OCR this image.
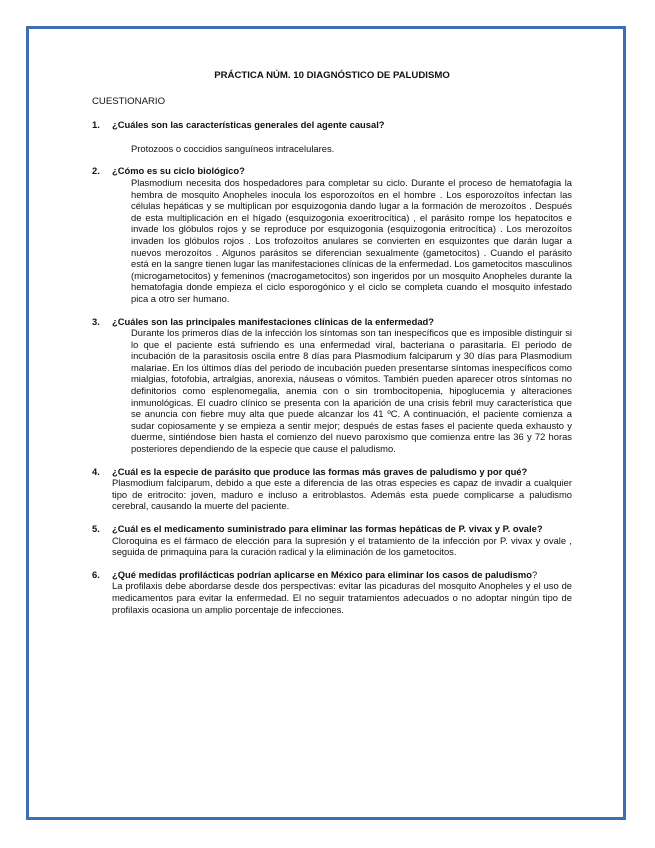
PRÁCTICA NÚM. 10 DIAGNÓSTICO DE PALUDISMO
CUESTIONARIO
1.	¿Cuáles son las características generales del agente causal?

Protozoos o coccidios sanguíneos intracelulares.

2.	¿Cómo es su ciclo biológico?

Plasmodium necesita dos hospedadores para completar su ciclo. Durante el proceso de hematofagia la hembra de mosquito Anopheles inocula los esporozoítos en el hombre . Los esporozoítos infectan las células hepáticas y se multiplican por esquizogonia dando lugar a la formación de merozoítos . Después de esta multiplicación en el hígado (esquizogonia exoeritrocítica) , el parásito rompe los hepatocitos e invade los glóbulos rojos y se reproduce por esquizogonia (esquizogonia eritrocítica) . Los merozoítos invaden los glóbulos rojos . Los trofozoítos anulares se convierten en esquizontes que darán lugar a nuevos merozoítos . Algunos parásitos se diferencian sexualmente (gametocitos) . Cuando el parásito está en la sangre tienen lugar las manifestaciones clínicas de la enfermedad. Los gametocitos masculinos (microgametocitos) y femeninos (macrogametocitos) son ingeridos por un mosquito Anopheles durante la hematofagia donde empieza el ciclo esporogónico y el ciclo se completa cuando el mosquito infestado pica a otro ser humano.

3.	¿Cuáles son las principales manifestaciones clínicas de la enfermedad?

Durante los primeros días de la infección los síntomas son tan inespecíficos que es imposible distinguir si lo que el paciente está sufriendo es una enfermedad viral, bacteriana o parasitaria. El periodo de incubación de la parasitosis oscila entre 8 días para Plasmodium falciparum y 30 días para Plasmodium malariae. En los últimos días del periodo de incubación pueden presentarse síntomas inespecíficos como mialgias, fotofobia, artralgias, anorexia, náuseas o vómitos. También pueden aparecer otros síntomas no definitorios como esplenomegalia, anemia con o sin trombocitopenia, hipoglucemia y alteraciones inmunológicas. El cuadro clínico se presenta con la aparición de una crisis febril muy característica que se anuncia con fiebre muy alta que puede alcanzar los 41 ºC. A continuación, el paciente comienza a sudar copiosamente y se empieza a sentir mejor; después de estas fases el paciente queda exhausto y duerme, sintiéndose bien hasta el comienzo del nuevo paroxismo que comienza entre las 36 y 72 horas posteriores dependiendo de la especie que cause el paludismo.

4.	¿Cuál es la especie de parásito que produce las formas más graves de paludismo y por qué?

Plasmodium falciparum, debido a que este a diferencia de las otras especies es capaz de invadir a cualquier tipo de eritrocito: joven, maduro e incluso a eritroblastos. Además esta puede complicarse a paludismo cerebral, causando la muerte del paciente.

5.	¿Cuál es el medicamento suministrado para eliminar las formas hepáticas de P. vivax y P. ovale?

Cloroquina es el fármaco de elección para la supresión y el tratamiento de la infección por P. vivax y ovale , seguida de primaquina para la curación radical y la eliminación de los gametocitos.

6.	¿Qué medidas profilácticas podrían aplicarse en México para eliminar los casos de paludismo?

La profilaxis debe abordarse desde dos perspectivas: evitar las picaduras del mosquito Anopheles y el uso de medicamentos para evitar la enfermedad. El no seguir tratamientos adecuados o no adoptar ningún tipo de profilaxis ocasiona un amplio porcentaje de infecciones.
